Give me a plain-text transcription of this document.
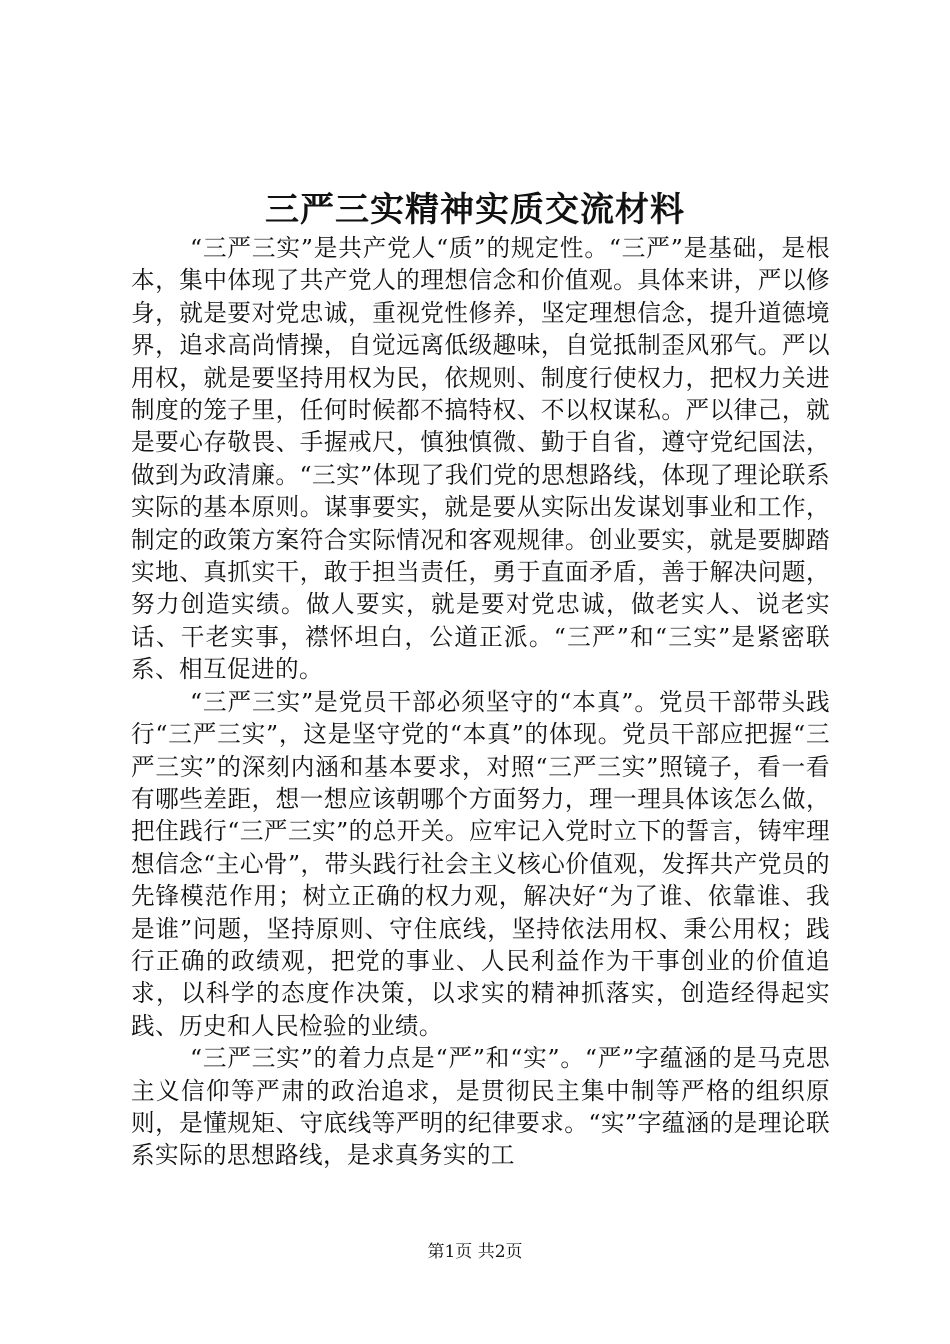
三严三实精神实质交流材料

“三严三实”是共产党人“质”的规定性。“三严”是基础，是根本，集中体现了共产党人的理想信念和价值观。具体来讲，严以修身，就是要对党忠诚，重视党性修养，坚定理想信念，提升道德境界，追求高尚情操，自觉远离低级趣味，自觉抵制歪风邪气。严以用权，就是要坚持用权为民，依规则、制度行使权力，把权力关进制度的笼子里，任何时候都不搞特权、不以权谋私。严以律己，就是要心存敬畏、手握戒尺，慎独慎微、勤于自省，遵守党纪国法，做到为政清廉。“三实”体现了我们党的思想路线，体现了理论联系实际的基本原则。谋事要实，就是要从实际出发谋划事业和工作，制定的政策方案符合实际情况和客观规律。创业要实，就是要脚踏实地、真抓实干，敢于担当责任，勇于直面矛盾，善于解决问题，努力创造实绩。做人要实，就是要对党忠诚，做老实人、说老实话、干老实事，襟怀坦白，公道正派。“三严”和“三实”是紧密联系、相互促进的。

“三严三实”是党员干部必须坚守的“本真”。党员干部带头践行“三严三实”，这是坚守党的“本真”的体现。党员干部应把握“三严三实”的深刻内涵和基本要求，对照“三严三实”照镜子，看一看有哪些差距，想一想应该朝哪个方面努力，理一理具体该怎么做，把住践行“三严三实”的总开关。应牢记入党时立下的誓言，铸牢理想信念“主心骨”，带头践行社会主义核心价值观，发挥共产党员的先锋模范作用；树立正确的权力观，解决好“为了谁、依靠谁、我是谁”问题，坚持原则、守住底线，坚持依法用权、秉公用权；践行正确的政绩观，把党的事业、人民利益作为干事创业的价值追求，以科学的态度作决策，以求实的精神抓落实，创造经得起实践、历史和人民检验的业绩。

“三严三实”的着力点是“严”和“实”。“严”字蕴涵的是马克思主义信仰等严肃的政治追求，是贯彻民主集中制等严格的组织原则，是懂规矩、守底线等严明的纪律要求。“实”字蕴涵的是理论联系实际的思想路线，是求真务实的工

第1页 共2页
